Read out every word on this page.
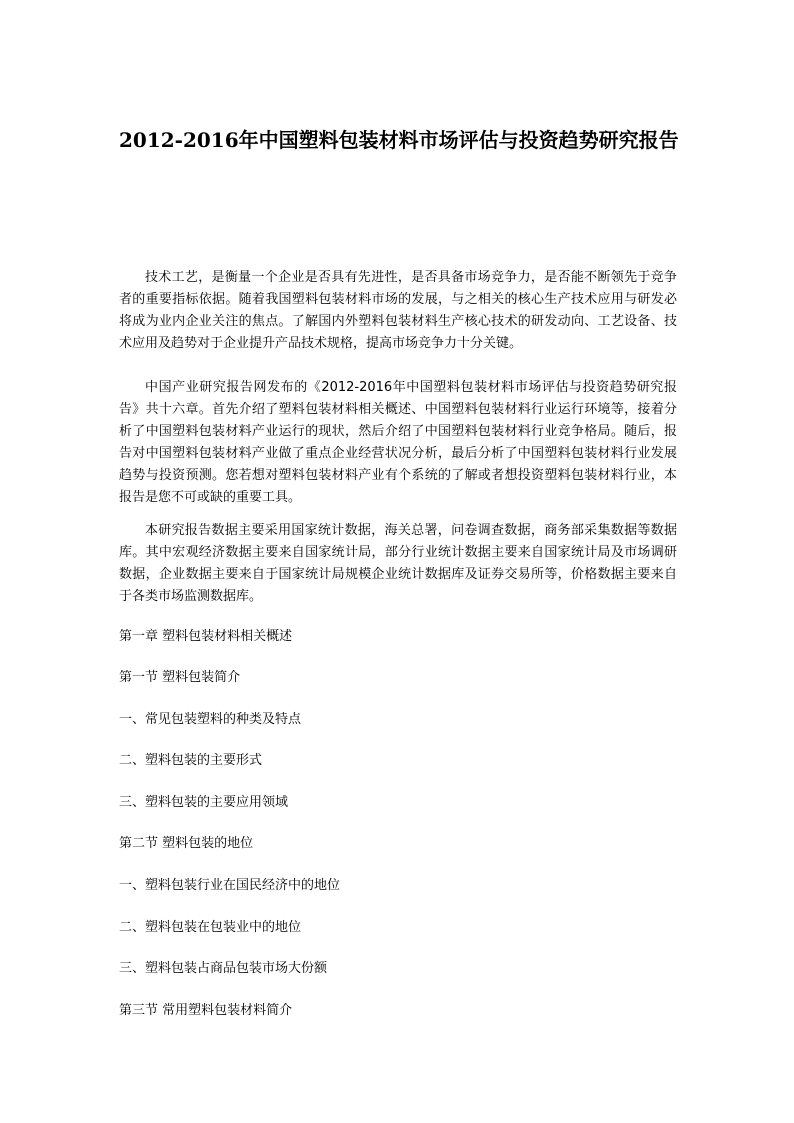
2012-2016年中国塑料包装材料市场评估与投资趋势研究报告

技术工艺，是衡量一个企业是否具有先进性，是否具备市场竞争力，是否能不断领先于竞争者的重要指标依据。随着我国塑料包装材料市场的发展，与之相关的核心生产技术应用与研发必将成为业内企业关注的焦点。了解国内外塑料包装材料生产核心技术的研发动向、工艺设备、技术应用及趋势对于企业提升产品技术规格，提高市场竞争力十分关键。

中国产业研究报告网发布的《2012-2016年中国塑料包装材料市场评估与投资趋势研究报告》共十六章。首先介绍了塑料包装材料相关概述、中国塑料包装材料行业运行环境等，接着分析了中国塑料包装材料产业运行的现状，然后介绍了中国塑料包装材料行业竞争格局。随后，报告对中国塑料包装材料产业做了重点企业经营状况分析，最后分析了中国塑料包装材料行业发展趋势与投资预测。您若想对塑料包装材料产业有个系统的了解或者想投资塑料包装材料行业，本报告是您不可或缺的重要工具。

本研究报告数据主要采用国家统计数据，海关总署，问卷调查数据，商务部采集数据等数据库。其中宏观经济数据主要来自国家统计局，部分行业统计数据主要来自国家统计局及市场调研数据，企业数据主要来自于国家统计局规模企业统计数据库及证券交易所等，价格数据主要来自于各类市场监测数据库。

第一章 塑料包装材料相关概述

第一节 塑料包装简介

一、常见包装塑料的种类及特点

二、塑料包装的主要形式

三、塑料包装的主要应用领域

第二节 塑料包装的地位

一、塑料包装行业在国民经济中的地位

二、塑料包装在包装业中的地位

三、塑料包装占商品包装市场大份额

第三节 常用塑料包装材料简介
